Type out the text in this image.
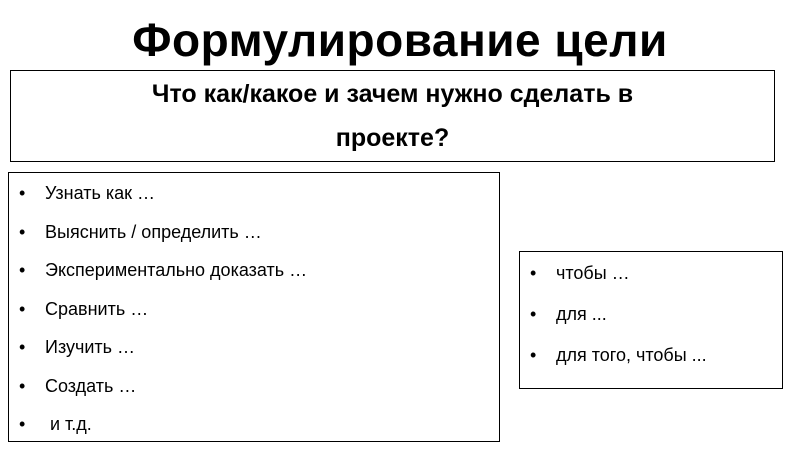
Формулирование цели
Что как/какое и зачем нужно сделать в
проекте?
• Узнать как …
• Выяснить / определить …
• Экспериментально доказать …
• Сравнить …
• Изучить …
• Создать …
• и т.д.
• чтобы …
• для ...
• для того, чтобы ...
